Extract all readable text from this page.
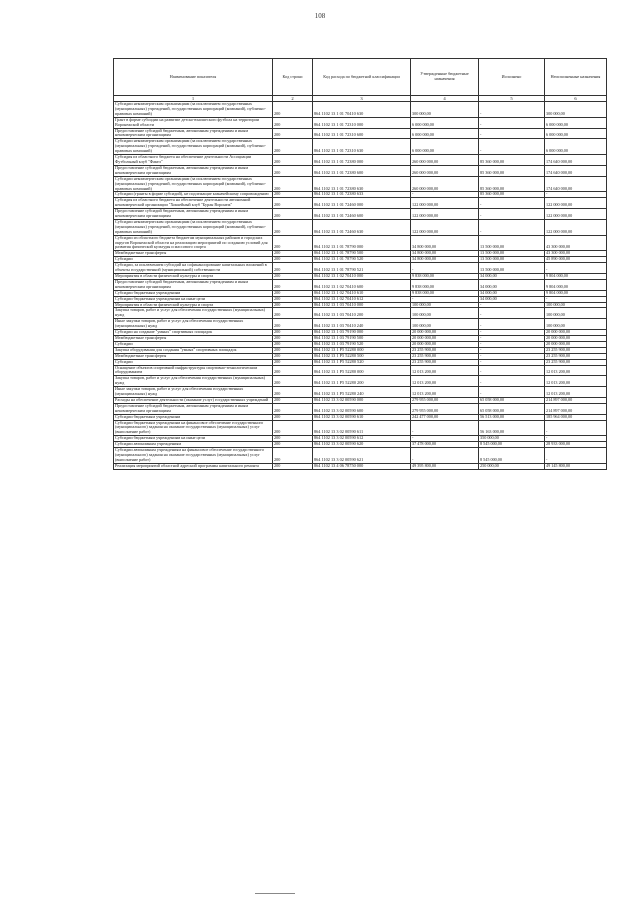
108
Наименование показателя	Код строки	Код расхода по бюджетной классификации	Утвержденные бюджетные назначения	Исполнено	Неисполненные назначения
1	2	3	4	5	6
Субсидии некоммерческим организациям (за исключением государственных (муниципальных) учреждений, государственных корпораций (компаний), публично-правовых компаний)	200	864 1102 13 1 01 70410 630	300 000,00	-	300 000,00
Грант в форме субсидии на развитие детско-юношеского футбола на территории Воронежской области	200	864 1102 13 1 01 72310 000	6 000 000,00	-	6 000 000,00
Предоставление субсидий бюджетным, автономным учреждениям и иным некоммерческим организациям	200	864 1102 13 1 01 72310 600	6 000 000,00	-	6 000 000,00
Субсидии некоммерческим организациям (за исключением государственных (муниципальных) учреждений, государственных корпораций (компаний), публично-правовых компаний)	200	864 1102 13 1 01 72310 630	6 000 000,00	-	6 000 000,00
Субсидия из областного бюджета на обеспечение деятельности Ассоциации Футбольный клуб "Факел"	200	864 1102 13 1 01 72380 000	260 000 000,00	85 360 000,00	174 640 000,00
Предоставление субсидий бюджетным, автономным учреждениям и иным некоммерческим организациям	200	864 1102 13 1 01 72380 600	260 000 000,00	85 360 000,00	174 640 000,00
Субсидии некоммерческим организациям (за исключением государственных (муниципальных) учреждений, государственных корпораций (компаний), публично-правовых компаний)	200	864 1102 13 1 01 72380 630	260 000 000,00	85 360 000,00	174 640 000,00
Субсидии (гранты в форме субсидий), не подлежащие казначейскому сопровождению	200	864 1102 13 1 01 72380 633	-	85 360 000,00	-
Субсидия из областного бюджета на обеспечение деятельности автономной некоммерческой организации "Хоккейный клуб "Буран Воронеж"	200	864 1102 13 1 01 72460 000	122 000 000,00	-	122 000 000,00
Предоставление субсидий бюджетным, автономным учреждениям и иным некоммерческим организациям	200	864 1102 13 1 01 72460 600	122 000 000,00	-	122 000 000,00
Субсидии некоммерческим организациям (за исключением государственных (муниципальных) учреждений, государственных корпораций (компаний), публично-правовых компаний)	200	864 1102 13 1 01 72460 630	122 000 000,00	-	122 000 000,00
Субсидии из областного бюджета бюджетам муниципальных районов и городских округов Воронежской области на реализацию мероприятий по созданию условий для развития физической культуры и массового спорта	200	864 1102 13 1 01 78790 000	34 800 000,00	13 500 000,00	43 300 000,00
Межбюджетные трансферты	200	864 1102 13 1 01 78790 500	34 800 000,00	13 500 000,00	43 300 000,00
Субсидии	200	864 1102 13 1 01 78790 520	34 800 000,00	13 500 000,00	45 890 000,00
Субсидии, за исключением субсидий на софинансирование капитальных вложений в объекты государственной (муниципальной) собственности	200	864 1102 13 1 01 78790 521	-	13 500 000,00	-
Мероприятия в области физической культуры и спорта	200	864 1102 13 1 02 70410 000	9 838 000,00	34 000,00	9 804 000,00
Предоставление субсидий бюджетным, автономным учреждениям и иным некоммерческим организациям	200	864 1102 13 1 02 70410 600	9 838 000,00	34 000,00	9 804 000,00
Субсидии бюджетным учреждениям	200	864 1102 13 1 02 70410 610	9 838 000,00	34 000,00	9 804 000,00
Субсидии бюджетным учреждениям на иные цели	200	864 1102 13 1 02 70410 612	-	34 000,00	-
Мероприятия в области физической культуры и спорта	200	864 1102 13 1 03 70410 000	100 000,00	-	100 000,00
Закупка товаров, работ и услуг для обеспечения государственных (муниципальных) нужд	200	864 1102 13 1 03 70410 200	100 000,00	-	100 000,00
Иные закупки товаров, работ и услуг для обеспечения государственных (муниципальных) нужд	200	864 1102 13 1 03 70410 240	100 000,00	-	100 000,00
Субсидии на создание "умных" спортивных площадок	200	864 1102 13 1 03 79190 000	20 000 000,00	-	20 000 000,00
Межбюджетные трансферты	200	864 1102 13 1 03 79190 500	20 000 000,00	-	20 000 000,00
Субсидии	200	864 1102 13 1 03 79190 520	20 000 000,00	-	20 000 000,00
Закупка оборудования для создания "умных" спортивных площадок	200	864 1102 13 1 Р5 52280 000	23 255 900,00	-	23 255 900,00
Межбюджетные трансферты	200	864 1102 13 1 Р5 52280 500	23 255 900,00	-	23 255 900,00
Субсидии	200	864 1102 13 1 Р5 52280 520	23 255 900,00	-	23 255 900,00
Оснащение объектов спортивной инфраструктуры спортивно-технологическим оборудованием	200	864 1102 13 1 Р5 52280 000	12 013 200,00	-	12 013 200,00
Закупка товаров, работ и услуг для обеспечения государственных (муниципальных) нужд	200	864 1102 13 1 Р5 52280 200	12 013 200,00	-	12 013 200,00
Иные закупки товаров, работ и услуг для обеспечения государственных (муниципальных) нужд	200	864 1102 13 1 Р5 52280 240	12 013 200,00	-	12 013 200,00
Расходы на обеспечение деятельности (оказание услуг) государственных учреждений	200	864 1102 13 3 02 00590 000	279 955 000,00	65 058 000,00	214 897 000,00
Предоставление субсидий бюджетным, автономным учреждениям и иным некоммерческим организациям	200	864 1102 13 3 02 00590 600	279 955 000,00	65 058 000,00	214 897 000,00
Субсидии бюджетным учреждениям	200	864 1102 13 3 02 00590 610	242 477 000,00	56 513 000,00	185 964 000,00
Субсидии бюджетным учреждениям на финансовое обеспечение государственного (муниципального) задания на оказание государственных (муниципальных) услуг (выполнение работ)	200	864 1102 13 3 02 00590 611	-	56 163 000,00	-
Субсидии бюджетным учреждениям на иные цели	200	864 1102 13 3 02 00590 612	-	350 000,00	-
Субсидии автономным учреждениям	200	864 1102 13 3 02 00590 620	37 478 000,00	8 545 000,00	28 933 000,00
Субсидии автономным учреждениям на финансовое обеспечение государственного (муниципального) задания на оказание государственных (муниципальных) услуг (выполнение работ)	200	864 1102 13 3 02 00590 621	-	8 545 000,00	-
Реализация мероприятий областной адресной программы капитального ремонта	200	864 1102 13 4 06 78750 000	49 395 800,00	250 000,00	49 145 800,00
